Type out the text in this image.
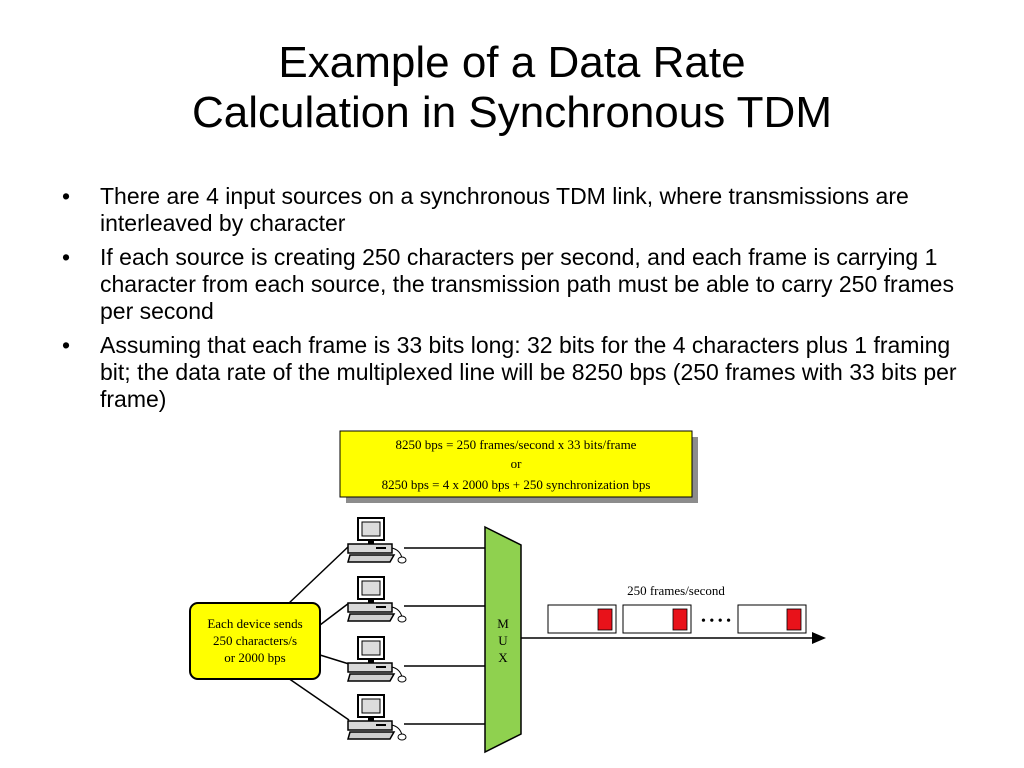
Example of a Data Rate
Calculation in Synchronous TDM
• There are 4 input sources on a synchronous TDM link, where transmissions are interleaved by character
• If each source is creating 250 characters per second, and each frame is carrying 1 character from each source, the transmission path must be able to carry 250 frames per second
• Assuming that each frame is 33 bits long: 32 bits for the 4 characters plus 1 framing bit; the data rate of the multiplexed line will be 8250 bps (250 frames with 33 bits per frame)
8250 bps = 250 frames/second x 33 bits/frame
or
8250 bps = 4 x 2000 bps + 250 synchronization bps
Each device sends
250 characters/s
or 2000 bps
M
U
X
250 frames/second
• • • •
